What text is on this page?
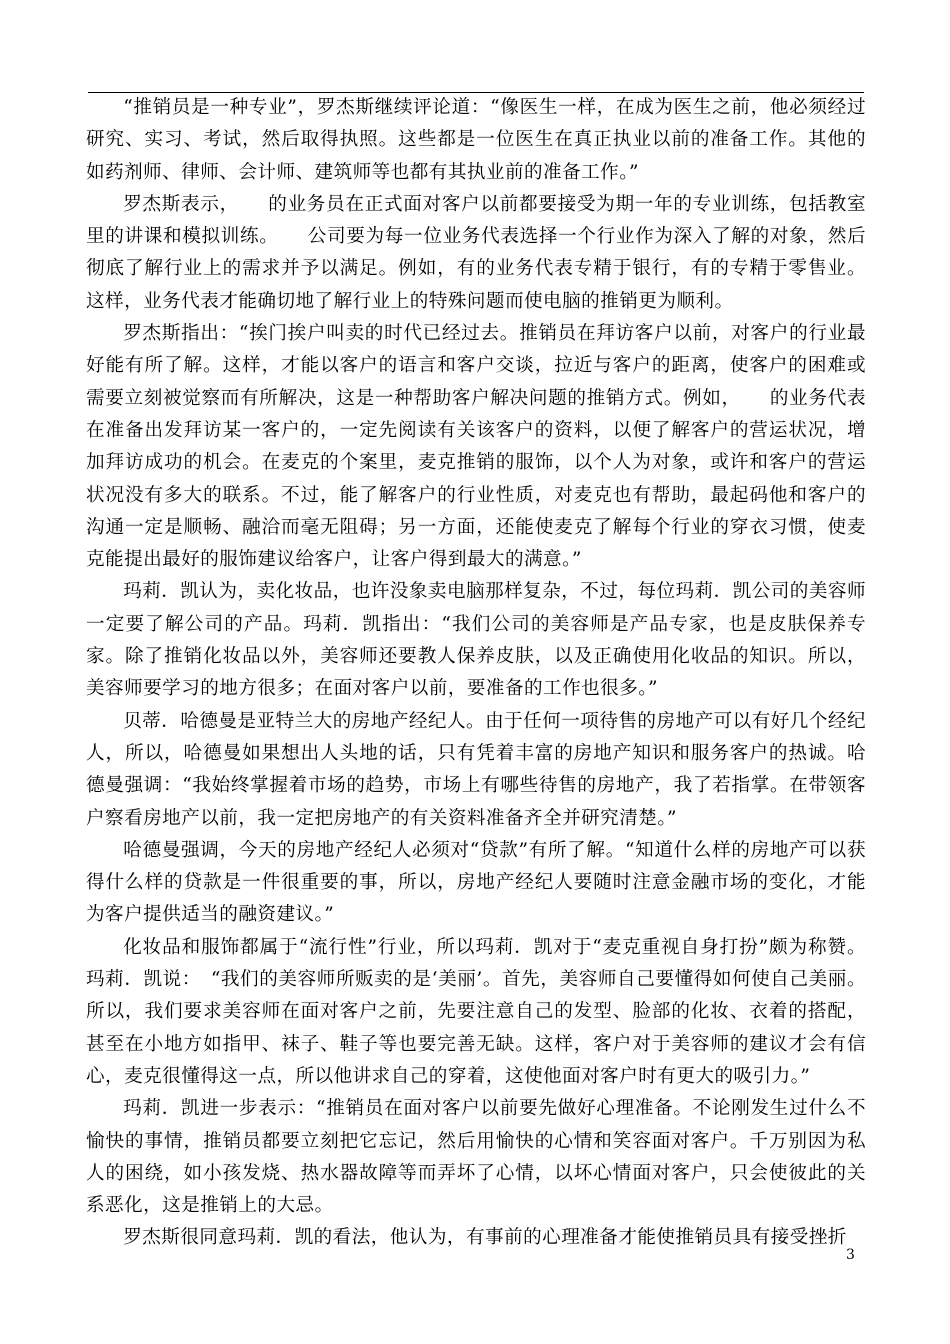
“推销员是一种专业”，罗杰斯继续评论道：“像医生一样，在成为医生之前，他必须经过研究、实习、考试，然后取得执照。这些都是一位医生在真正执业以前的准备工作。其他的如药剂师、律师、会计师、建筑师等也都有其执业前的准备工作。”

罗杰斯表示，　　的业务员在正式面对客户以前都要接受为期一年的专业训练，包括教室里的讲课和模拟训练。　　公司要为每一位业务代表选择一个行业作为深入了解的对象，然后彻底了解行业上的需求并予以满足。例如，有的业务代表专精于银行，有的专精于零售业。这样，业务代表才能确切地了解行业上的特殊问题而使电脑的推销更为顺利。

罗杰斯指出：“挨门挨户叫卖的时代已经过去。推销员在拜访客户以前，对客户的行业最好能有所了解。这样，才能以客户的语言和客户交谈，拉近与客户的距离，使客户的困难或需要立刻被觉察而有所解决，这是一种帮助客户解决问题的推销方式。例如，　　的业务代表在准备出发拜访某一客户的，一定先阅读有关该客户的资料，以便了解客户的营运状况，增加拜访成功的机会。在麦克的个案里，麦克推销的服饰，以个人为对象，或许和客户的营运状况没有多大的联系。不过，能了解客户的行业性质，对麦克也有帮助，最起码他和客户的沟通一定是顺畅、融洽而毫无阻碍；另一方面，还能使麦克了解每个行业的穿衣习惯，使麦克能提出最好的服饰建议给客户，让客户得到最大的满意。”

玛莉．凯认为，卖化妆品，也许没象卖电脑那样复杂，不过，每位玛莉．凯公司的美容师一定要了解公司的产品。玛莉．凯指出：“我们公司的美容师是产品专家，也是皮肤保养专家。除了推销化妆品以外，美容师还要教人保养皮肤，以及正确使用化收品的知识。所以，美容师要学习的地方很多；在面对客户以前，要准备的工作也很多。”

贝蒂．哈德曼是亚特兰大的房地产经纪人。由于任何一项待售的房地产可以有好几个经纪人，所以，哈德曼如果想出人头地的话，只有凭着丰富的房地产知识和服务客户的热诚。哈德曼强调：“我始终掌握着市场的趋势，市场上有哪些待售的房地产，我了若指掌。在带领客户察看房地产以前，我一定把房地产的有关资料准备齐全并研究清楚。”

哈德曼强调，今天的房地产经纪人必须对“贷款”有所了解。“知道什么样的房地产可以获得什么样的贷款是一件很重要的事，所以，房地产经纪人要随时注意金融市场的变化，才能为客户提供适当的融资建议。”

化妆品和服饰都属于“流行性”行业，所以玛莉．凯对于“麦克重视自身打扮”颇为称赞。玛莉．凯说：　“我们的美容师所贩卖的是‘美丽’。首先，美容师自己要懂得如何使自己美丽。所以，我们要求美容师在面对客户之前，先要注意自己的发型、脸部的化妆、衣着的搭配，甚至在小地方如指甲、袜子、鞋子等也要完善无缺。这样，客户对于美容师的建议才会有信心，麦克很懂得这一点，所以他讲求自己的穿着，这使他面对客户时有更大的吸引力。”

玛莉．凯进一步表示：“推销员在面对客户以前要先做好心理准备。不论刚发生过什么不愉快的事情，推销员都要立刻把它忘记，然后用愉快的心情和笑容面对客户。千万别因为私人的困绕，如小孩发烧、热水器故障等而弄坏了心情，以坏心情面对客户，只会使彼此的关系恶化，这是推销上的大忌。

罗杰斯很同意玛莉．凯的看法，他认为，有事前的心理准备才能使推销员具有接受挫折

3
